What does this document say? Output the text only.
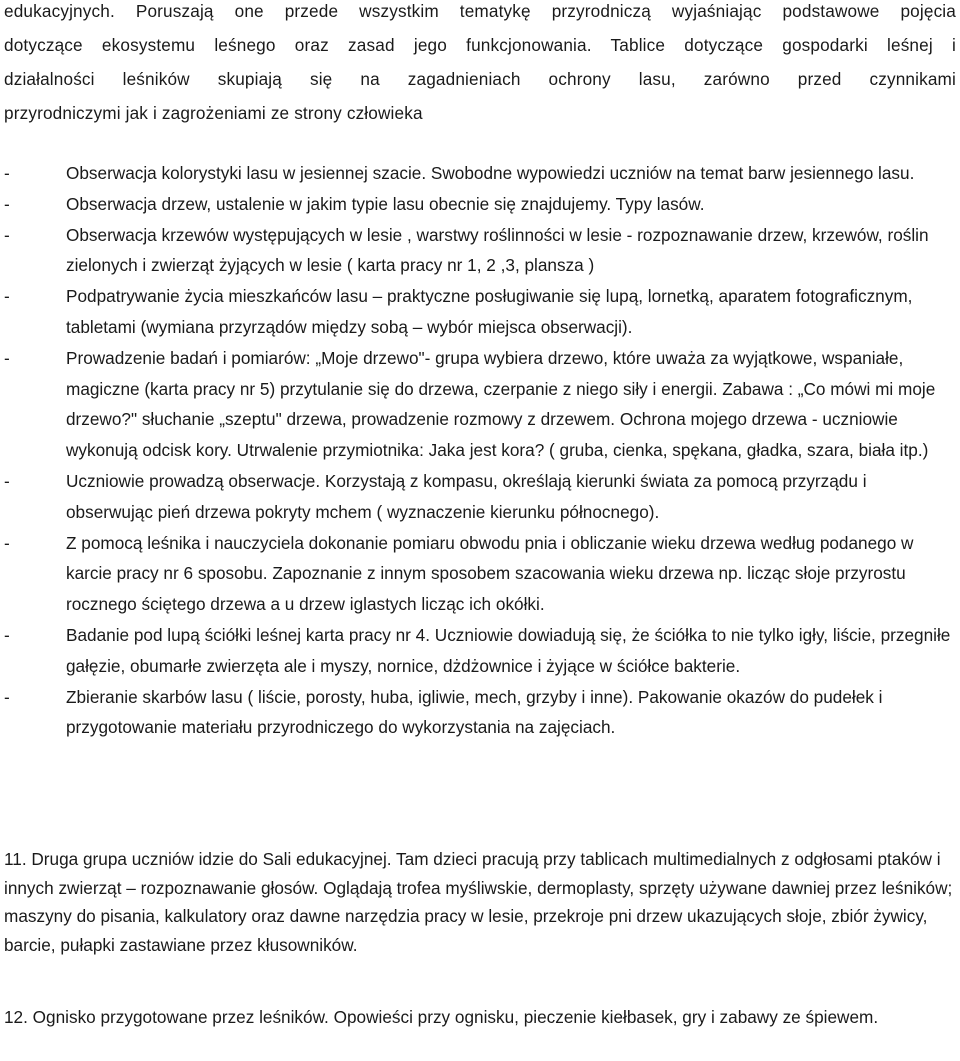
edukacyjnych. Poruszają one przede wszystkim tematykę przyrodniczą wyjaśniając podstawowe pojęcia
dotyczące ekosystemu leśnego oraz zasad jego funkcjonowania. Tablice dotyczące gospodarki leśnej i
działalności leśników skupiają się na zagadnieniach ochrony lasu, zarówno przed czynnikami
przyrodniczymi jak i zagrożeniami ze strony człowieka
-	Obserwacja kolorystyki lasu w jesiennej szacie. Swobodne wypowiedzi uczniów na temat barw jesiennego lasu.
-	Obserwacja drzew, ustalenie w jakim typie lasu obecnie się znajdujemy. Typy lasów.
-	Obserwacja krzewów występujących w lesie , warstwy roślinności w lesie - rozpoznawanie drzew, krzewów, roślin zielonych i zwierząt żyjących w lesie ( karta pracy nr 1, 2 ,3, plansza )
-	Podpatrywanie życia mieszkańców lasu – praktyczne posługiwanie się lupą, lornetką, aparatem fotograficznym, tabletami (wymiana przyrządów między sobą – wybór miejsca obserwacji).
-	Prowadzenie badań i pomiarów: „Moje drzewo"- grupa wybiera drzewo, które uważa za wyjątkowe, wspaniałe, magiczne (karta pracy nr 5) przytulanie się do drzewa, czerpanie z niego siły i energii. Zabawa : „Co mówi mi moje drzewo?" słuchanie „szeptu" drzewa, prowadzenie rozmowy z drzewem. Ochrona mojego drzewa - uczniowie wykonują odcisk kory. Utrwalenie przymiotnika: Jaka jest kora? ( gruba, cienka, spękana, gładka, szara, biała itp.)
-	Uczniowie prowadzą obserwacje. Korzystają z kompasu, określają kierunki świata za pomocą przyrządu i obserwując pień drzewa pokryty mchem ( wyznaczenie kierunku północnego).
-	Z pomocą leśnika i nauczyciela dokonanie pomiaru obwodu pnia i obliczanie wieku drzewa według podanego w karcie pracy nr 6 sposobu. Zapoznanie z innym sposobem szacowania wieku drzewa np. licząc słoje przyrostu rocznego ściętego drzewa a u drzew iglastych licząc ich okółki.
-	Badanie pod lupą ściółki leśnej karta pracy nr 4. Uczniowie dowiadują się, że ściółka to nie tylko igły, liście, przegniłe gałęzie, obumarłe zwierzęta ale i myszy, nornice, dżdżownice i żyjące w ściółce bakterie.
-	Zbieranie skarbów lasu ( liście, porosty, huba, igliwie, mech, grzyby i inne). Pakowanie okazów do pudełek i przygotowanie materiału przyrodniczego do wykorzystania na zajęciach.

11. Druga grupa uczniów idzie do Sali edukacyjnej. Tam dzieci pracują przy tablicach multimedialnych z odgłosami ptaków i innych zwierząt – rozpoznawanie głosów. Oglądają trofea myśliwskie, dermoplasty, sprzęty używane dawniej przez leśników; maszyny do pisania, kalkulatory oraz dawne narzędzia pracy w lesie, przekroje pni drzew ukazujących słoje, zbiór żywicy, barcie, pułapki zastawiane przez kłusowników.

12. Ognisko przygotowane przez leśników. Opowieści przy ognisku, pieczenie kiełbasek, gry i zabawy ze śpiewem.
